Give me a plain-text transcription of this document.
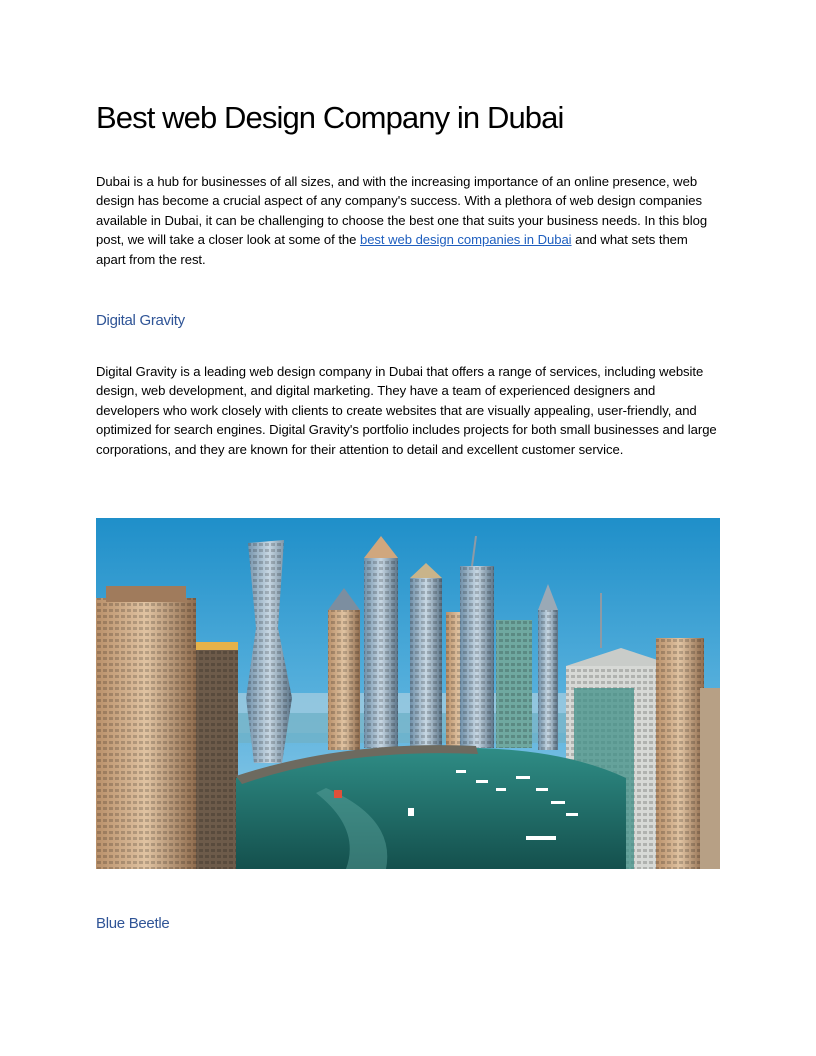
Best web Design Company in Dubai

Dubai is a hub for businesses of all sizes, and with the increasing importance of an online presence, web design has become a crucial aspect of any company's success. With a plethora of web design companies available in Dubai, it can be challenging to choose the best one that suits your business needs. In this blog post, we will take a closer look at some of the best web design companies in Dubai and what sets them apart from the rest.

Digital Gravity

Digital Gravity is a leading web design company in Dubai that offers a range of services, including website design, web development, and digital marketing. They have a team of experienced designers and developers who work closely with clients to create websites that are visually appealing, user-friendly, and optimized for search engines. Digital Gravity's portfolio includes projects for both small businesses and large corporations, and they are known for their attention to detail and excellent customer service.

Blue Beetle
